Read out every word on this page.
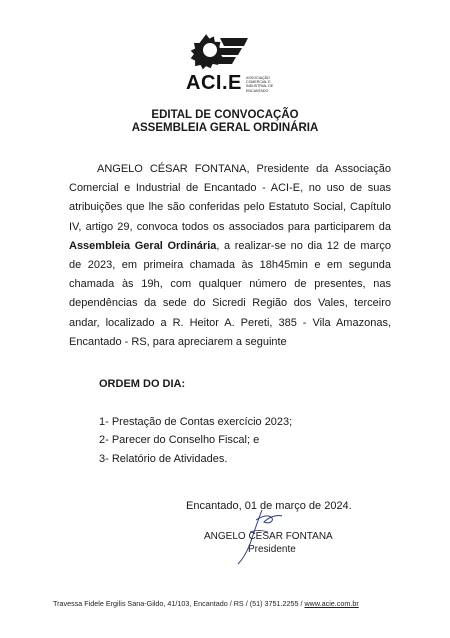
ACI.E ASSOCIAÇÃO
COMERCIAL E
INDUSTRIAL DE
ENCANTADO
EDITAL DE CONVOCAÇÃO
ASSEMBLEIA GERAL ORDINÁRIA
ANGELO CÉSAR FONTANA, Presidente da Associação Comercial e Industrial de Encantado - ACI-E, no uso de suas atribuições que lhe são conferidas pelo Estatuto Social, Capítulo IV, artigo 29, convoca todos os associados para participarem da Assembleia Geral Ordinária, a realizar-se no dia 12 de março de 2023, em primeira chamada às 18h45min e em segunda chamada às 19h, com qualquer número de presentes, nas dependências da sede do Sicredi Região dos Vales, terceiro andar, localizado a R. Heitor A. Pereti, 385 - Vila Amazonas, Encantado - RS, para apreciarem a seguinte
ORDEM DO DIA:
1- Prestação de Contas exercício 2023;
2- Parecer do Conselho Fiscal; e
3- Relatório de Atividades.
Encantado, 01 de março de 2024.
ANGELO CÉSAR FONTANA
Presidente
Travessa Fidele Ergilis Sana-Gildo, 41/103, Encantado / RS / (51) 3751.2255 / www.acie.com.br
